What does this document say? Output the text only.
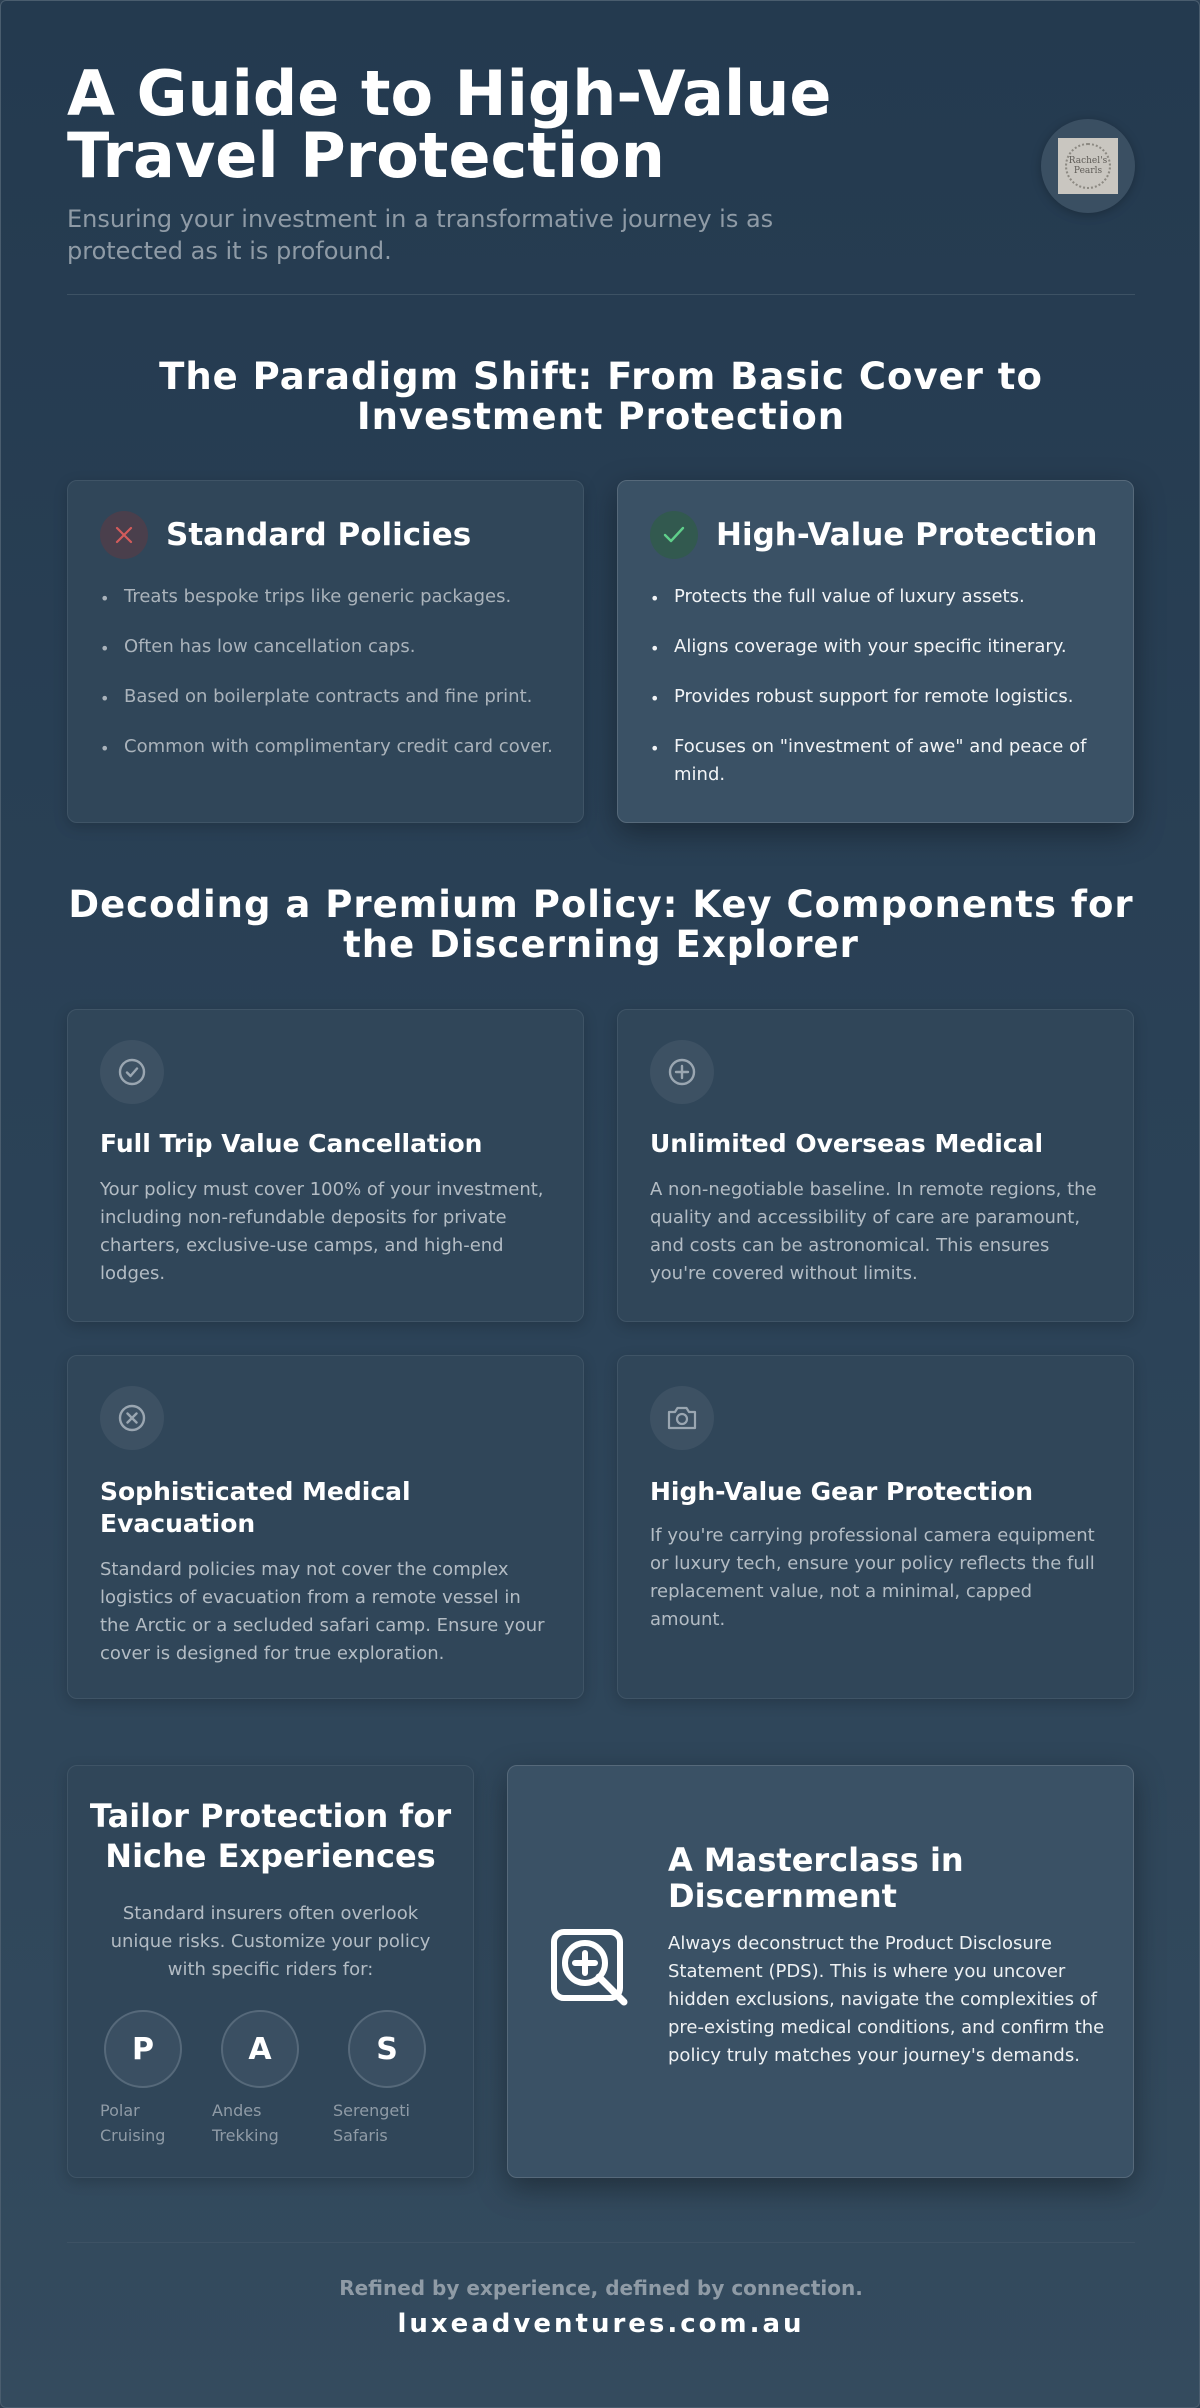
A Guide to High-Value Travel Protection

Ensuring your investment in a transformative journey is as protected as it is profound.

Rachel's
Pearls
The Paradigm Shift: From Basic Cover to Investment Protection
Standard Policies
• Treats bespoke trips like generic packages.
• Often has low cancellation caps.
• Based on boilerplate contracts and fine print.
• Common with complimentary credit card cover.
High-Value Protection
• Protects the full value of luxury assets.
• Aligns coverage with your specific itinerary.
• Provides robust support for remote logistics.
• Focuses on "investment of awe" and peace of mind.
Decoding a Premium Policy: Key Components for the Discerning Explorer
Full Trip Value Cancellation
Your policy must cover 100% of your investment, including non-refundable deposits for private charters, exclusive-use camps, and high-end lodges.
Unlimited Overseas Medical
A non-negotiable baseline. In remote regions, the quality and accessibility of care are paramount, and costs can be astronomical. This ensures you're covered without limits.
Sophisticated Medical Evacuation
Standard policies may not cover the complex logistics of evacuation from a remote vessel in the Arctic or a secluded safari camp. Ensure your cover is designed for true exploration.
High-Value Gear Protection
If you're carrying professional camera equipment or luxury tech, ensure your policy reflects the full replacement value, not a minimal, capped amount.
Tailor Protection for Niche Experiences
Standard insurers often overlook unique risks. Customize your policy with specific riders for:
P	A	S
Polar Cruising
Andes Trekking
Serengeti Safaris
A Masterclass in Discernment
Always deconstruct the Product Disclosure Statement (PDS). This is where you uncover hidden exclusions, navigate the complexities of pre-existing medical conditions, and confirm the policy truly matches your journey's demands.
Refined by experience, defined by connection.
luxeadventures.com.au
